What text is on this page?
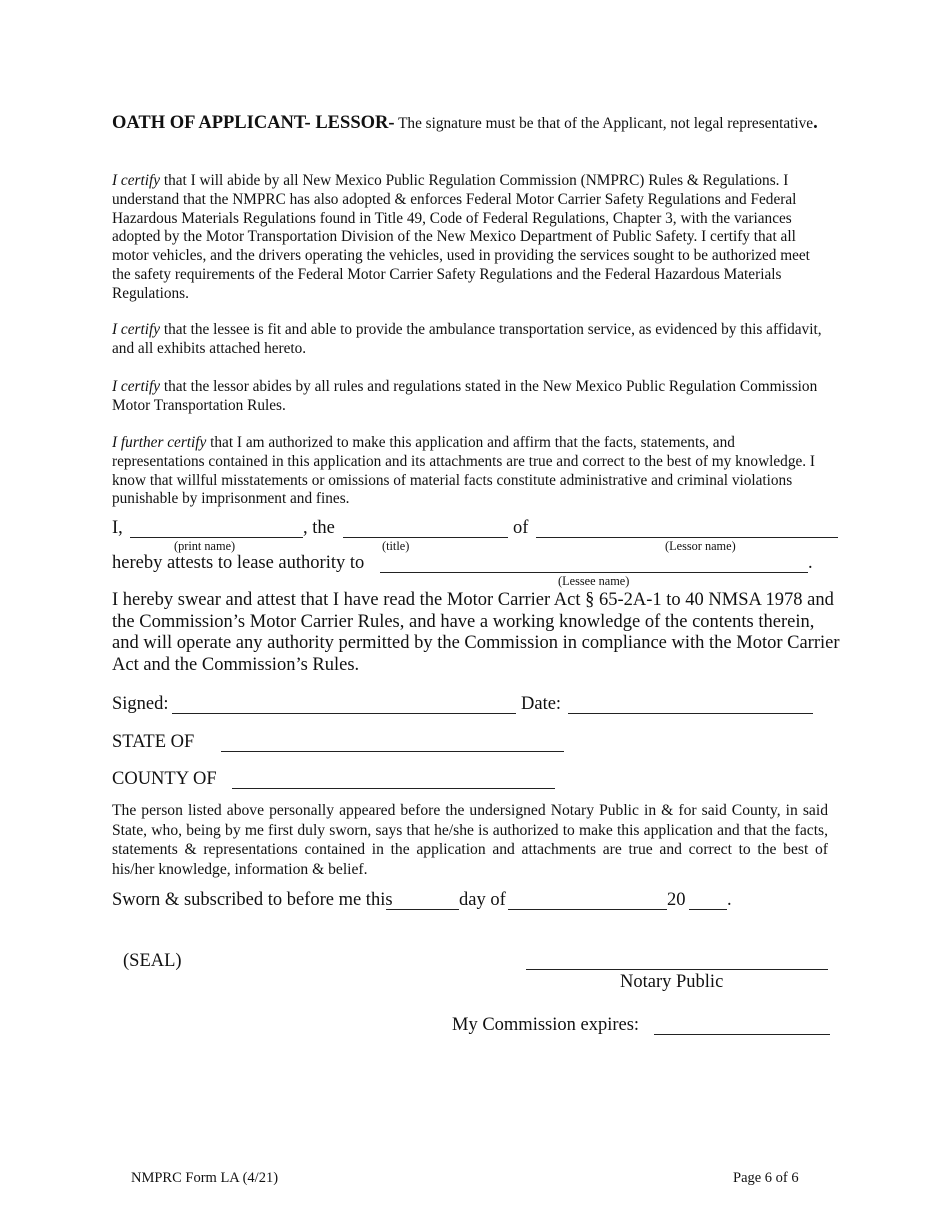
OATH OF APPLICANT- LESSOR- The signature must be that of the Applicant, not legal representative.
I certify that I will abide by all New Mexico Public Regulation Commission (NMPRC) Rules & Regulations. I understand that the NMPRC has also adopted & enforces Federal Motor Carrier Safety Regulations and Federal Hazardous Materials Regulations found in Title 49, Code of Federal Regulations, Chapter 3, with the variances adopted by the Motor Transportation Division of the New Mexico Department of Public Safety. I certify that all motor vehicles, and the drivers operating the vehicles, used in providing the services sought to be authorized meet the safety requirements of the Federal Motor Carrier Safety Regulations and the Federal Hazardous Materials Regulations.
I certify that the lessee is fit and able to provide the ambulance transportation service, as evidenced by this affidavit, and all exhibits attached hereto.
I certify that the lessor abides by all rules and regulations stated in the New Mexico Public Regulation Commission Motor Transportation Rules.
I further certify that I am authorized to make this application and affirm that the facts, statements, and representations contained in this application and its attachments are true and correct to the best of my knowledge. I know that willful misstatements or omissions of material facts constitute administrative and criminal violations punishable by imprisonment and fines.
I,	, the	of
(print name)	(title)	(Lessor name)
hereby attests to lease authority to	.
(Lessee name)
I hereby swear and attest that I have read the Motor Carrier Act § 65-2A-1 to 40 NMSA 1978 and the Commission’s Motor Carrier Rules, and have a working knowledge of the contents therein, and will operate any authority permitted by the Commission in compliance with the Motor Carrier Act and the Commission’s Rules.
Signed:	Date:
STATE OF
COUNTY OF
The person listed above personally appeared before the undersigned Notary Public in & for said County, in said State, who, being by me first duly sworn, says that he/she is authorized to make this application and that the facts, statements & representations contained in the application and attachments are true and correct to the best of his/her knowledge, information & belief.
Sworn & subscribed to before me this	day of	20 .
(SEAL)
Notary Public
My Commission expires:
NMPRC Form LA (4/21)	Page 6 of 6
